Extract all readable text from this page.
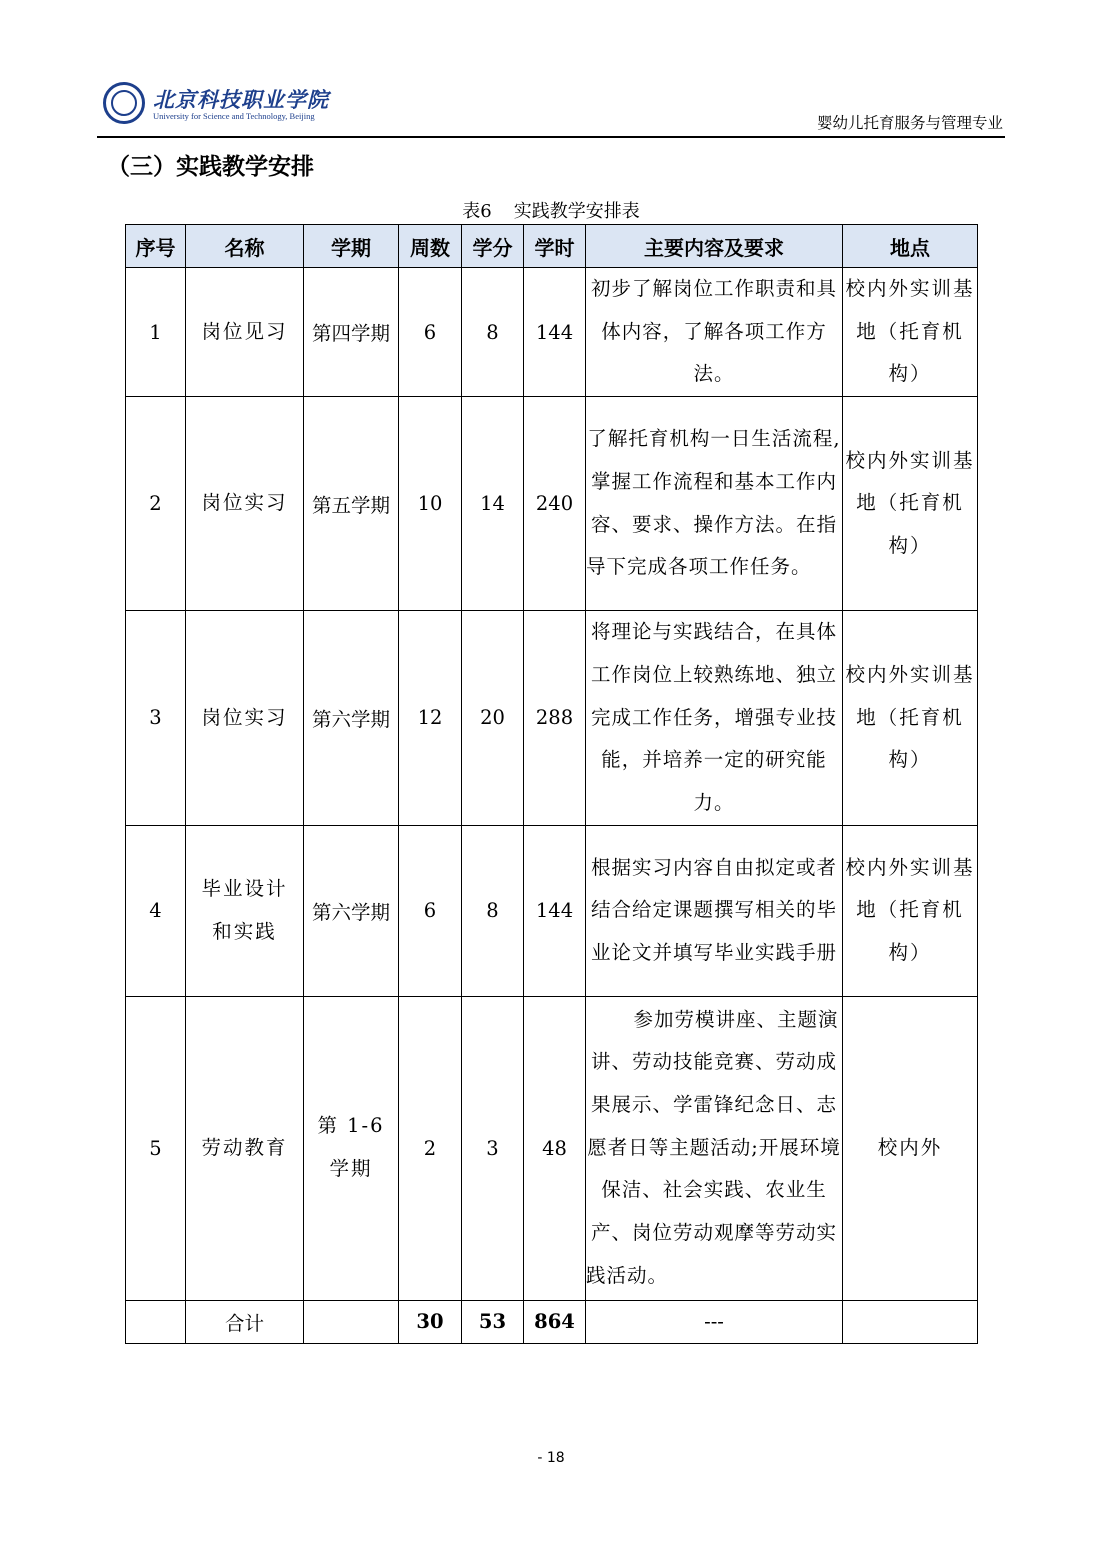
北京科技职业学院
University for Science and Technology, Beijing	婴幼儿托育服务与管理专业
（三）实践教学安排
表6 实践教学安排表
序号	名称	学期	周数	学分	学时	主要内容及要求	地点
1	岗位见习	第四学期	6	8	144	初步了解岗位工作职责和具体内容，了解各项工作方法。	校内外实训基地（托育机构）
2	岗位实习	第五学期	10	14	240	了解托育机构一日生活流程,掌握工作流程和基本工作内容、要求、操作方法。在指导下完成各项工作任务。	校内外实训基地（托育机构）
3	岗位实习	第六学期	12	20	288	将理论与实践结合，在具体工作岗位上较熟练地、独立完成工作任务，增强专业技能，并培养一定的研究能力。	校内外实训基地（托育机构）
4	毕业设计和实践	第六学期	6	8	144	根据实习内容自由拟定或者结合给定课题撰写相关的毕业论文并填写毕业实践手册	校内外实训基地（托育机构）
5	劳动教育	第 1-6 学期	2	3	48	参加劳模讲座、主题演讲、劳动技能竞赛、劳动成果展示、学雷锋纪念日、志愿者日等主题活动;开展环境保洁、社会实践、农业生产、岗位劳动观摩等劳动实践活动。	校内外
	合计		30	53	864	---	
- 18
